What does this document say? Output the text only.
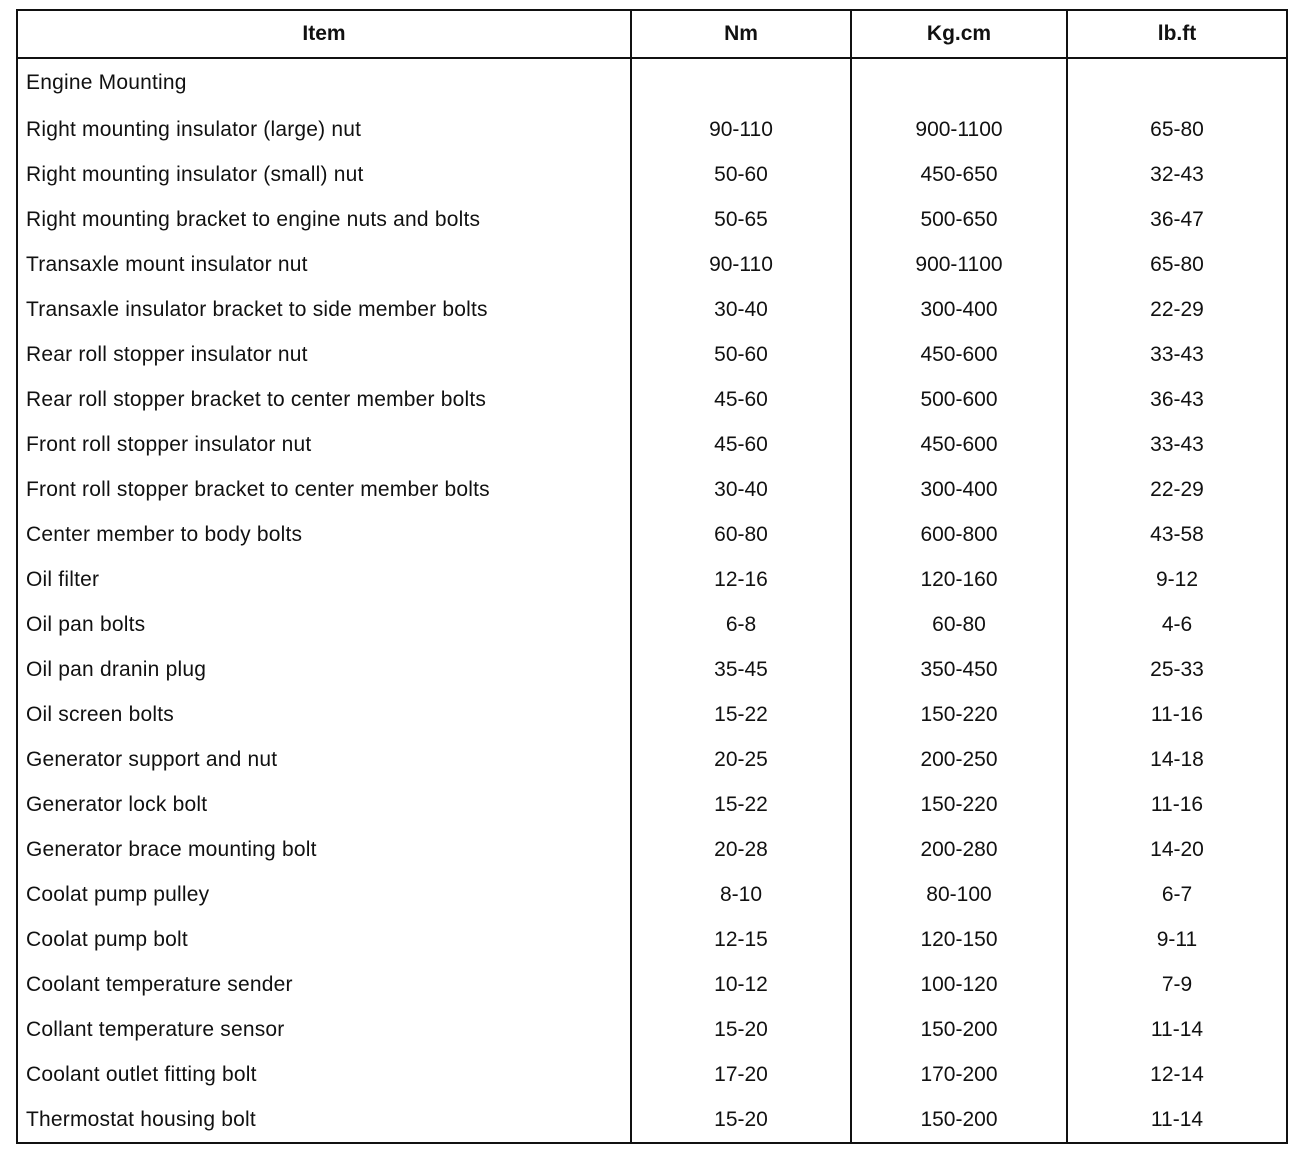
Item	Nm	Kg.cm	lb.ft
Engine Mounting			
Right mounting insulator (large) nut	90-110	900-1100	65-80
Right mounting insulator (small) nut	50-60	450-650	32-43
Right mounting bracket to engine nuts and bolts	50-65	500-650	36-47
Transaxle mount insulator nut	90-110	900-1100	65-80
Transaxle insulator bracket to side member bolts	30-40	300-400	22-29
Rear roll stopper insulator nut	50-60	450-600	33-43
Rear roll stopper bracket to center member bolts	45-60	500-600	36-43
Front roll stopper insulator nut	45-60	450-600	33-43
Front roll stopper bracket to center member bolts	30-40	300-400	22-29
Center member to body bolts	60-80	600-800	43-58
Oil filter	12-16	120-160	9-12
Oil pan bolts	6-8	60-80	4-6
Oil pan dranin plug	35-45	350-450	25-33
Oil screen bolts	15-22	150-220	11-16
Generator support and nut	20-25	200-250	14-18
Generator lock bolt	15-22	150-220	11-16
Generator brace mounting bolt	20-28	200-280	14-20
Coolat pump pulley	8-10	80-100	6-7
Coolat pump bolt	12-15	120-150	9-11
Coolant temperature sender	10-12	100-120	7-9
Collant temperature sensor	15-20	150-200	11-14
Coolant outlet fitting bolt	17-20	170-200	12-14
Thermostat housing bolt	15-20	150-200	11-14
